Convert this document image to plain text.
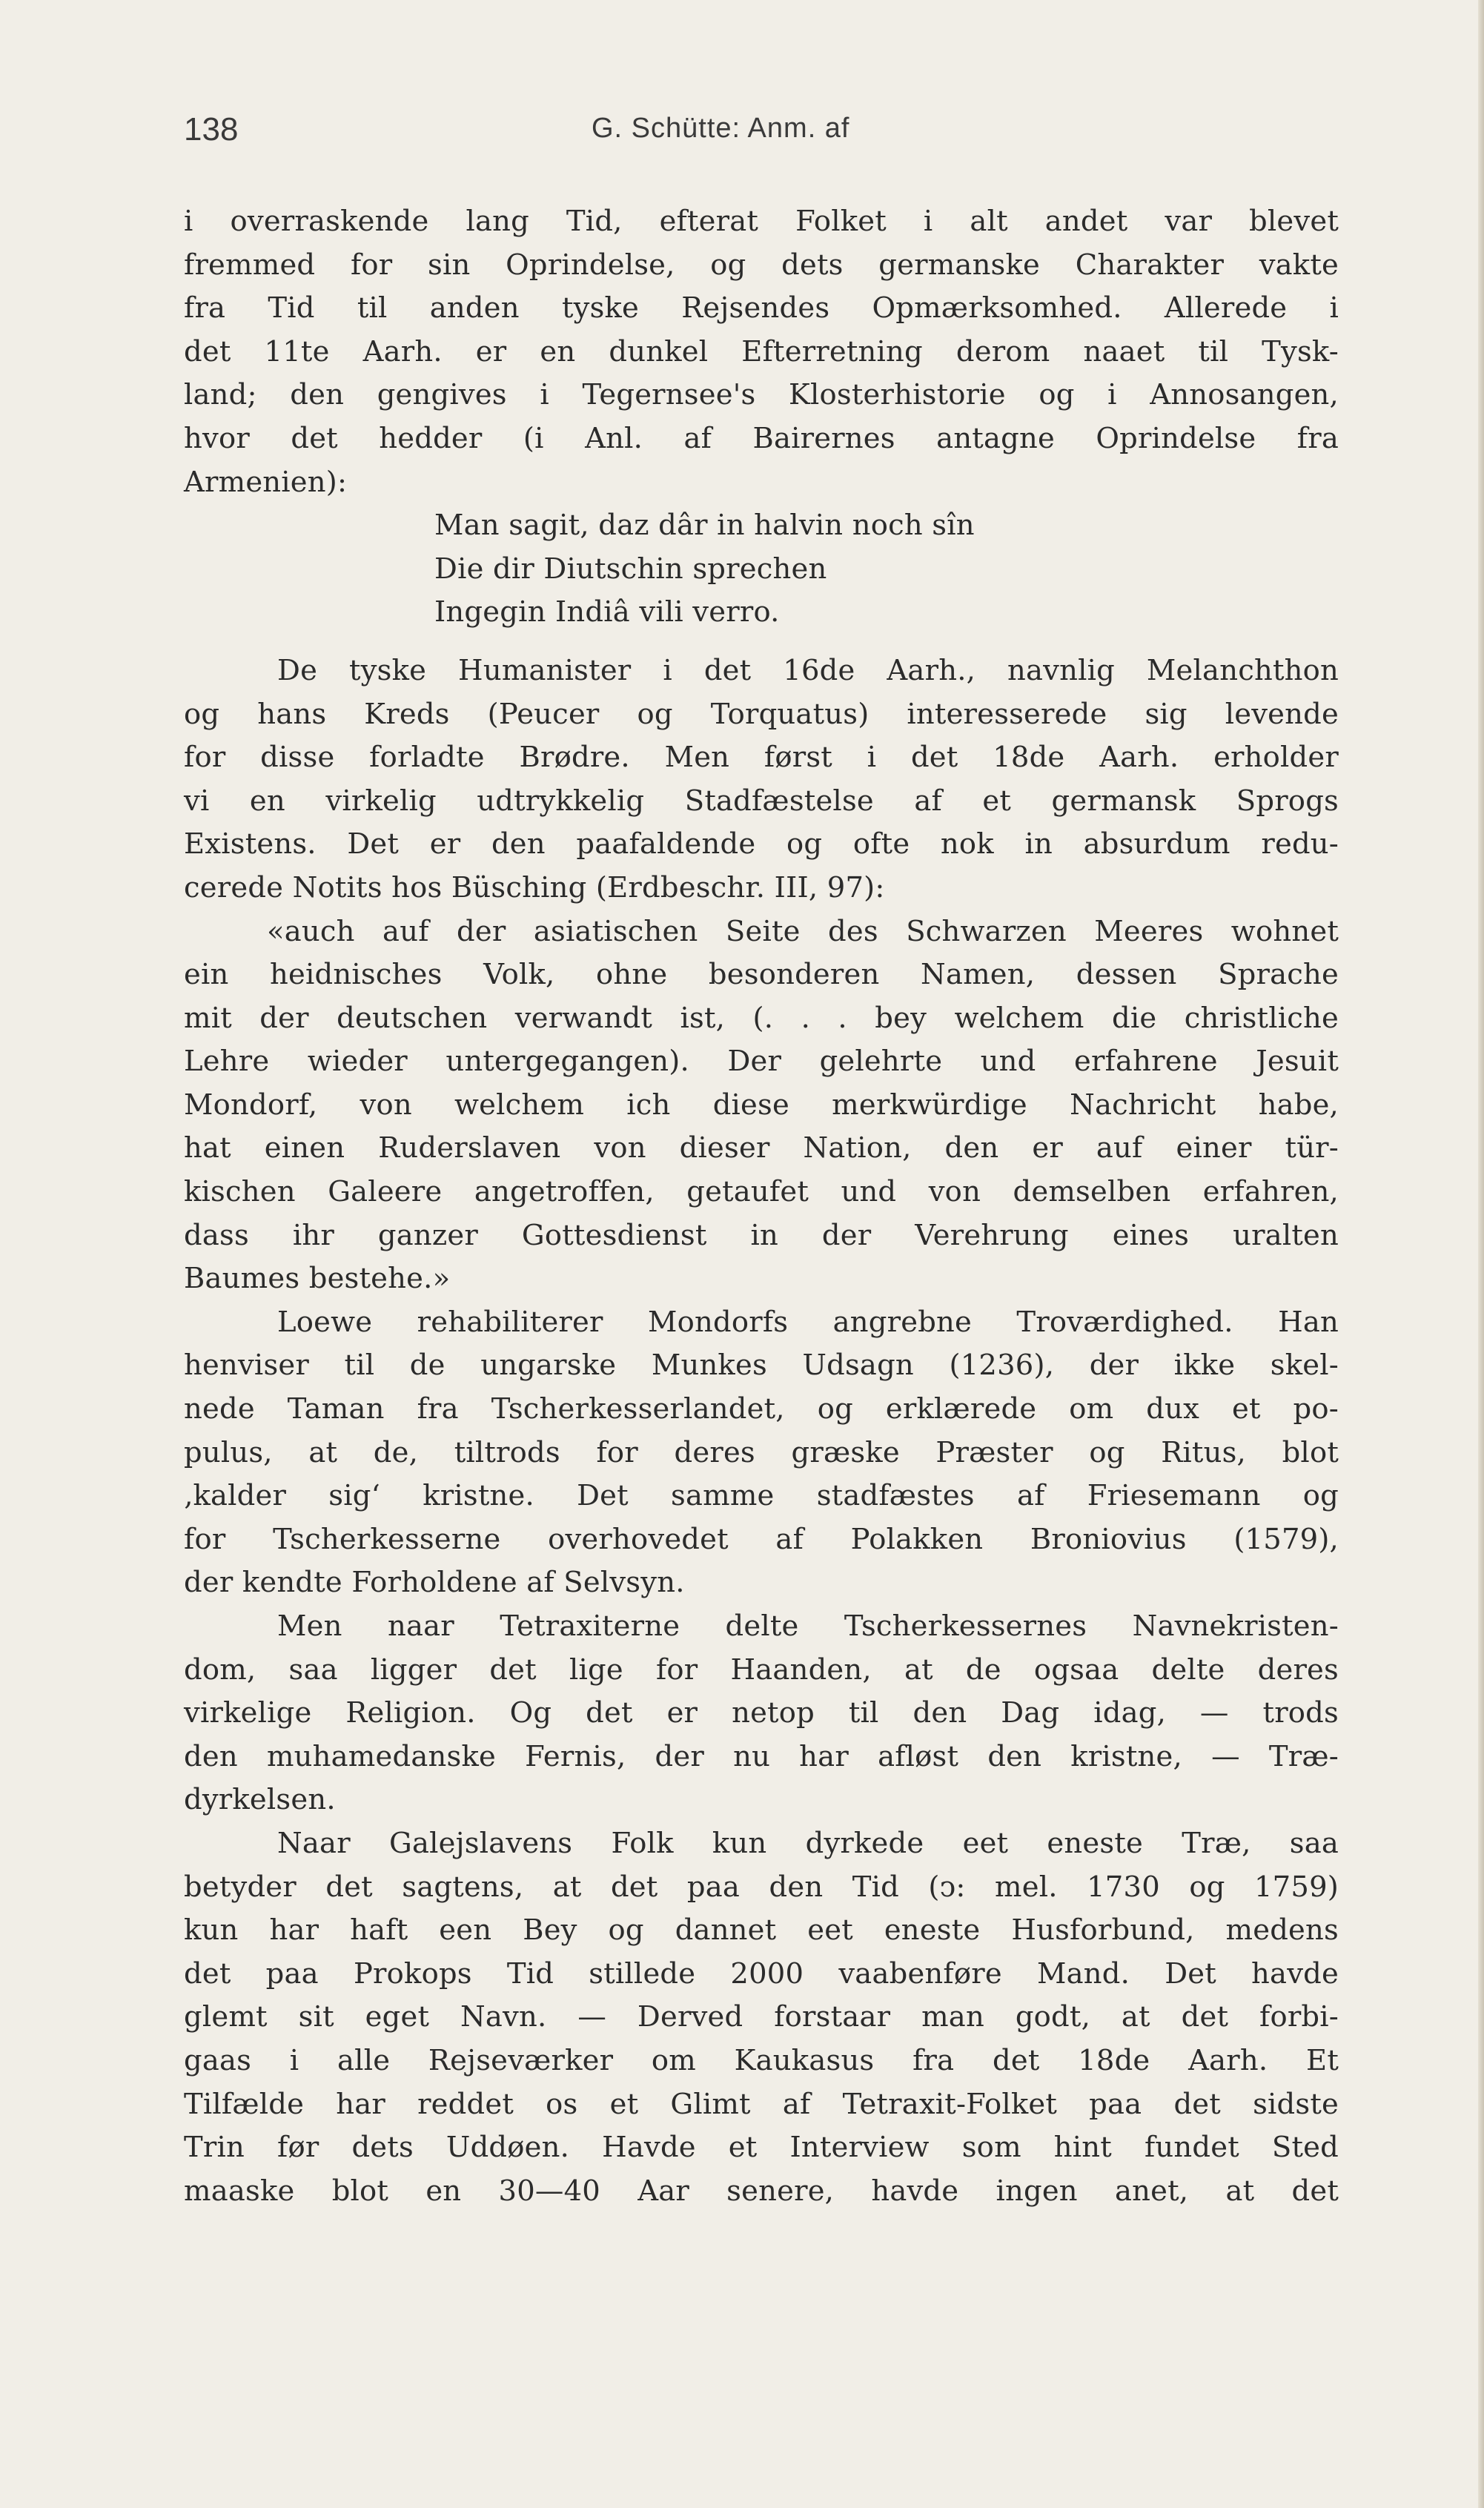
138	G. Schütte: Anm. af
i overraskende lang Tid, efterat Folket i alt andet var blevet
fremmed for sin Oprindelse, og dets germanske Charakter vakte
fra Tid til anden tyske Rejsendes Opmærksomhed. Allerede i
det 11te Aarh. er en dunkel Efterretning derom naaet til Tysk-
land; den gengives i Tegernsee's Klosterhistorie og i Annosangen,
hvor det hedder (i Anl. af Bairernes antagne Oprindelse fra
Armenien):
Man sagit, daz dâr in halvin noch sîn
Die dir Diutschin sprechen
Ingegin Indiâ vili verro.
De tyske Humanister i det 16de Aarh., navnlig Melanchthon
og hans Kreds (Peucer og Torquatus) interesserede sig levende
for disse forladte Brødre. Men først i det 18de Aarh. erholder
vi en virkelig udtrykkelig Stadfæstelse af et germansk Sprogs
Existens. Det er den paafaldende og ofte nok in absurdum redu-
cerede Notits hos Büsching (Erdbeschr. III, 97):
«auch auf der asiatischen Seite des Schwarzen Meeres wohnet
ein heidnisches Volk, ohne besonderen Namen, dessen Sprache
mit der deutschen verwandt ist, (. . . bey welchem die christliche
Lehre wieder untergegangen). Der gelehrte und erfahrene Jesuit
Mondorf, von welchem ich diese merkwürdige Nachricht habe,
hat einen Ruderslaven von dieser Nation, den er auf einer tür-
kischen Galeere angetroffen, getaufet und von demselben erfahren,
dass ihr ganzer Gottesdienst in der Verehrung eines uralten
Baumes bestehe.»
Loewe rehabiliterer Mondorfs angrebne Troværdighed. Han
henviser til de ungarske Munkes Udsagn (1236), der ikke skel-
nede Taman fra Tscherkesserlandet, og erklærede om dux et po-
pulus, at de, tiltrods for deres græske Præster og Ritus, blot
‚kalder sig‘ kristne. Det samme stadfæstes af Friesemann og
for Tscherkesserne overhovedet af Polakken Broniovius (1579),
der kendte Forholdene af Selvsyn.
Men naar Tetraxiterne delte Tscherkessernes Navnekristen-
dom, saa ligger det lige for Haanden, at de ogsaa delte deres
virkelige Religion. Og det er netop til den Dag idag, — trods
den muhamedanske Fernis, der nu har afløst den kristne, — Træ-
dyrkelsen.
Naar Galejslavens Folk kun dyrkede eet eneste Træ, saa
betyder det sagtens, at det paa den Tid (ↄ: mel. 1730 og 1759)
kun har haft een Bey og dannet eet eneste Husforbund, medens
det paa Prokops Tid stillede 2000 vaabenføre Mand. Det havde
glemt sit eget Navn. — Derved forstaar man godt, at det forbi-
gaas i alle Rejseværker om Kaukasus fra det 18de Aarh. Et
Tilfælde har reddet os et Glimt af Tetraxit-Folket paa det sidste
Trin før dets Uddøen. Havde et Interview som hint fundet Sted
maaske blot en 30—40 Aar senere, havde ingen anet, at det
